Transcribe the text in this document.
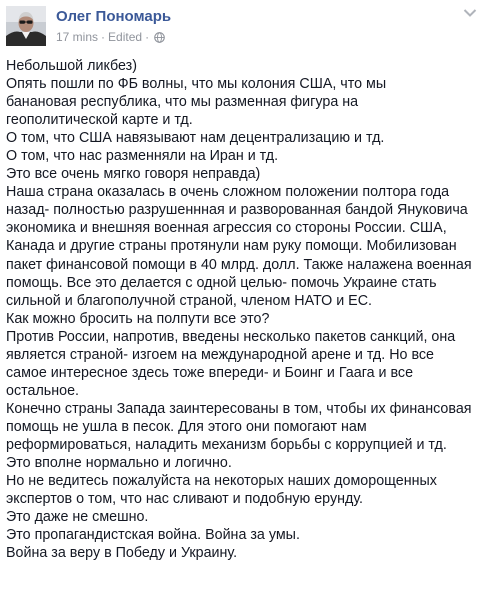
Олег Пономарь
17 mins · Edited ·

Небольшой ликбез)

Опять пошли по ФБ волны, что мы колония США, что мы

банановая республика, что мы разменная фигура на

геополитической карте и тд.

О том, что США навязывают нам децентрализацию и тд.

О том, что нас разменняли на Иран и тд.

Это все очень мягко говоря неправда)

Наша страна оказалась в очень сложном положении полтора года

назад- полностью разрушеннная и разворованная бандой Януковича

экономика и внешняя военная агрессия со стороны России. США,

Канада и другие страны протянули нам руку помощи. Мобилизован

пакет финансовой помощи в 40 млрд. долл. Также налажена военная

помощь. Все это делается с одной целью- помочь Украине стать

сильной и благополучной страной, членом НАТО и ЕС.

Как можно бросить на полпути все это?

Против России, напротив, введены несколько пакетов санкций, она

является страной- изгоем на международной арене и тд. Но все

самое интересное здесь тоже впереди- и Боинг и Гаага и все

остальное.

Конечно страны Запада заинтересованы в том, чтобы их финансовая

помощь не ушла в песок. Для этого они помогают нам

реформироваться, наладить механизм борьбы с коррупцией и тд.

Это вполне нормально и логично.

Но не ведитесь пожалуйста на некоторых наших доморощенных

экспертов о том, что нас сливают и подобную ерунду.

Это даже не смешно.

Это пропагандистская война. Война за умы.

Война за веру в Победу и Украину.
